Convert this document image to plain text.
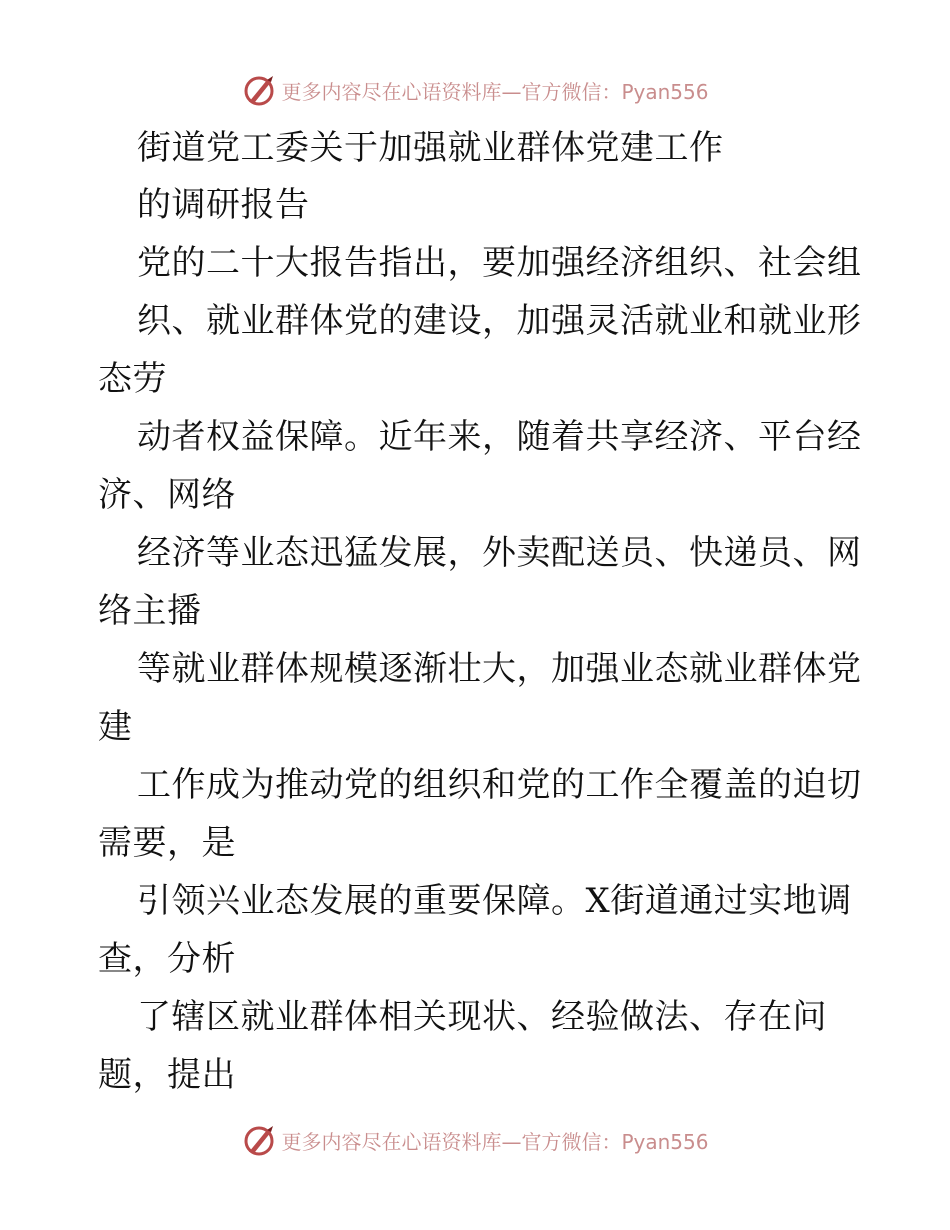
更多内容尽在心语资料库—官方微信：Pyan556
街道党工委关于加强就业群体党建工作
的调研报告
党的二十大报告指出，要加强经济组织、社会组
织、就业群体党的建设，加强灵活就业和就业形
态劳
动者权益保障。近年来，随着共享经济、平台经
济、网络
经济等业态迅猛发展，外卖配送员、快递员、网
络主播
等就业群体规模逐渐壮大，加强业态就业群体党
建
工作成为推动党的组织和党的工作全覆盖的迫切
需要，是
引领兴业态发展的重要保障。X街道通过实地调
查，分析
了辖区就业群体相关现状、经验做法、存在问
题，提出
更多内容尽在心语资料库—官方微信：Pyan556
